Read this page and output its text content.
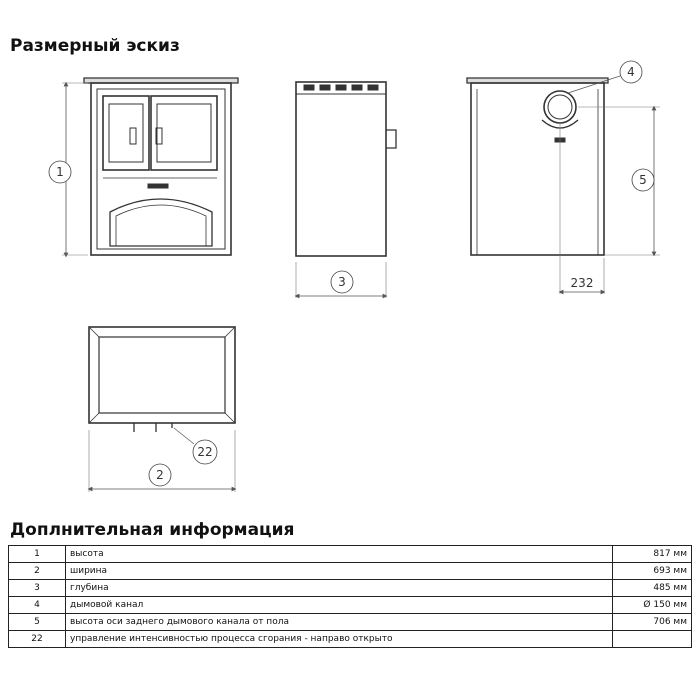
Размерный эскиз
1
3
4
5
232
22
2
Доплнительная информация
1	высота	817 мм
2	ширина	693 мм
3	глубина	485 мм
4	дымовой канал	Ø 150 мм
5	высота оси заднего дымового канала от пола	706 мм
22	управление интенсивностью процесса сгорания - направо открыто	
